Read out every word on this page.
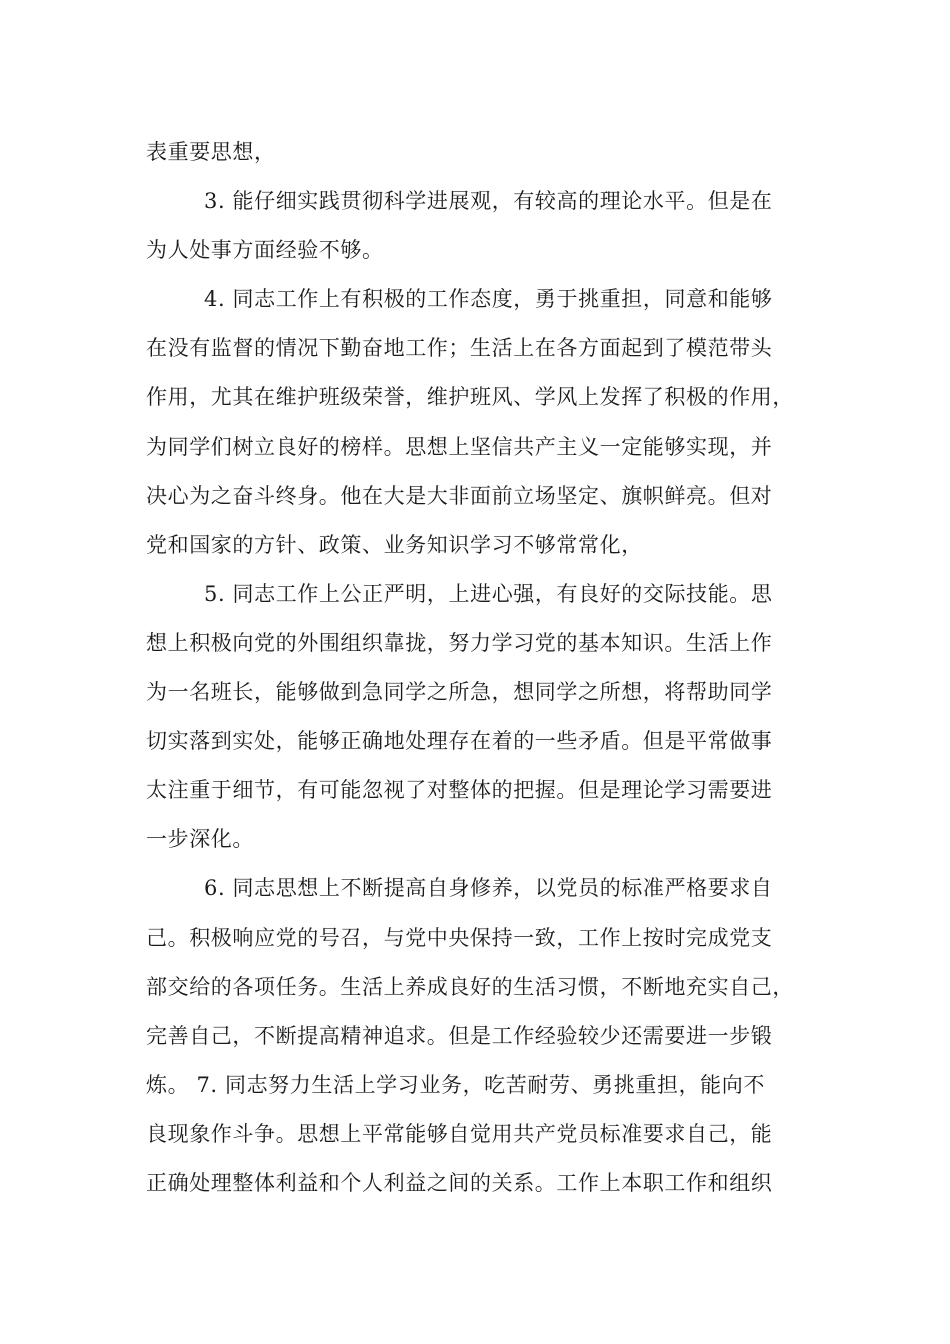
表重要思想，
3. 能仔细实践贯彻科学进展观，有较高的理论水平。但是在
为人处事方面经验不够。
4. 同志工作上有积极的工作态度，勇于挑重担，同意和能够
在没有监督的情况下勤奋地工作；生活上在各方面起到了模范带头
作用，尤其在维护班级荣誉，维护班风、学风上发挥了积极的作用，
为同学们树立良好的榜样。思想上坚信共产主义一定能够实现，并
决心为之奋斗终身。他在大是大非面前立场坚定、旗帜鲜亮。但对
党和国家的方针、政策、业务知识学习不够常常化，
5. 同志工作上公正严明，上进心强，有良好的交际技能。思
想上积极向党的外围组织靠拢，努力学习党的基本知识。生活上作
为一名班长，能够做到急同学之所急，想同学之所想，将帮助同学
切实落到实处，能够正确地处理存在着的一些矛盾。但是平常做事
太注重于细节，有可能忽视了对整体的把握。但是理论学习需要进
一步深化。
6. 同志思想上不断提高自身修养，以党员的标准严格要求自
己。积极响应党的号召，与党中央保持一致，工作上按时完成党支
部交给的各项任务。生活上养成良好的生活习惯，不断地充实自己，
完善自己，不断提高精神追求。但是工作经验较少还需要进一步锻
炼。 7. 同志努力生活上学习业务，吃苦耐劳、勇挑重担，能向不
良现象作斗争。思想上平常能够自觉用共产党员标准要求自己，能
正确处理整体利益和个人利益之间的关系。工作上本职工作和组织
